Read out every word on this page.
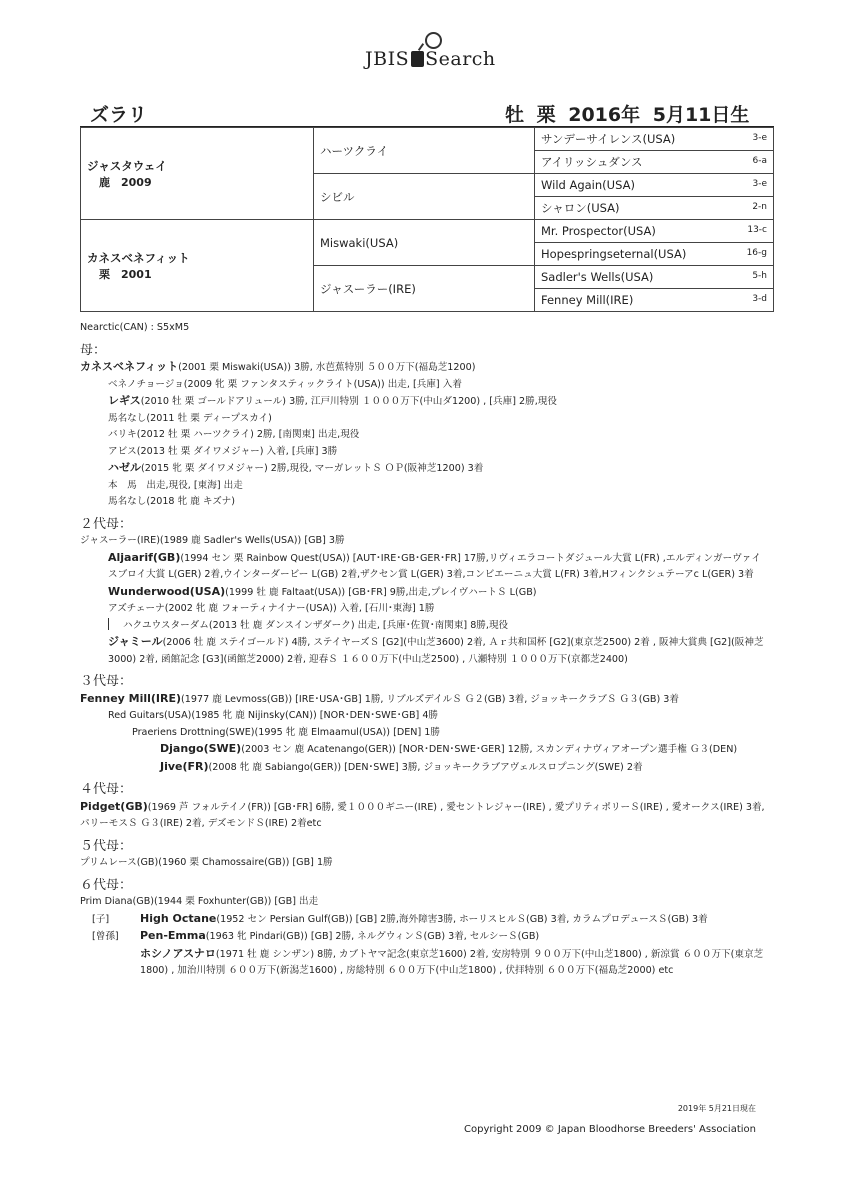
JBIS Search
ズラリ	牡 栗 2016年 5月11日生
ジャスタウェイ
鹿　2009	ハーツクライ	サンデーサイレンス(USA) 3-e

		アイリッシュダンス 6-a

	シビル	Wild Again(USA) 3-e

		シャロン(USA) 2-n

カネスベネフィット
栗　2001	Miswaki(USA)	Mr. Prospector(USA) 13-c

		Hopespringseternal(USA) 16-g

	ジャスーラー(IRE)	Sadler's Wells(USA) 5-h

		Fenney Mill(IRE) 3-d
Nearctic(CAN) : S5xM5
母：
カネスベネフィット(2001 栗 Miswaki(USA)) 3勝, 水芭蕉特別 ５００万下(福島芝1200)
ベネノチョージョ(2009 牝 栗 ファンタスティックライト(USA)) 出走, [兵庫] 入着
レギス(2010 牡 栗 ゴールドアリュール) 3勝, 江戸川特別 １０００万下(中山ダ1200) , [兵庫] 2勝,現役
馬名なし(2011 牡 栗 ディープスカイ)
バリキ(2012 牡 栗 ハーツクライ) 2勝, [南関東] 出走,現役
アビス(2013 牡 栗 ダイワメジャー) 入着, [兵庫] 3勝
ハゼル(2015 牝 栗 ダイワメジャー) 2勝,現役, マーガレットＳ ＯＰ(阪神芝1200) 3着
本　馬　出走,現役, [東海] 出走
馬名なし(2018 牝 鹿 キズナ)
２代母：
ジャスーラー(IRE)(1989 鹿 Sadler's Wells(USA)) [GB] 3勝
Aljaarif(GB)(1994 セン 栗 Rainbow Quest(USA)) [AUT･IRE･GB･GER･FR] 17勝,リヴィエラコートダジュール大賞 L(FR) ,エルディンガーヴァイスブロイ大賞 L(GER) 2着,ウインターダービー L(GB) 2着,ザクセン賞 L(GER) 3着,コンビエーニュ大賞 L(FR) 3着,Hフィンクシュテーアc L(GER) 3着
Wunderwood(USA)(1999 牡 鹿 Faltaat(USA)) [GB･FR] 9勝,出走,プレイヴハートＳ L(GB)
アズチェーナ(2002 牝 鹿 フォーティナイナー(USA)) 入着, [石川･東海] 1勝
ハクユウスターダム(2013 牡 鹿 ダンスインザダーク) 出走, [兵庫･佐賀･南関東] 8勝,現役
ジャミール(2006 牡 鹿 ステイゴールド) 4勝, ステイヤーズＳ [G2](中山芝3600) 2着, Ａｒ共和国杯 [G2](東京芝2500) 2着 , 阪神大賞典 [G2](阪神芝3000) 2着, 函館記念 [G3](函館芝2000) 2着, 迎春Ｓ １６００万下(中山芝2500) , 八瀬特別 １０００万下(京都芝2400)
３代母：
Fenney Mill(IRE)(1977 鹿 Levmoss(GB)) [IRE･USA･GB] 1勝, リブルズデイルＳ Ｇ２(GB) 3着, ジョッキークラブＳ Ｇ３(GB) 3着
Red Guitars(USA)(1985 牝 鹿 Nijinsky(CAN)) [NOR･DEN･SWE･GB] 4勝
Praeriens Drottning(SWE)(1995 牝 鹿 Elmaamul(USA)) [DEN] 1勝
Django(SWE)(2003 セン 鹿 Acatenango(GER)) [NOR･DEN･SWE･GER] 12勝, スカンディナヴィアオープン選手権 Ｇ３(DEN)
Jive(FR)(2008 牝 鹿 Sabiango(GER)) [DEN･SWE] 3勝, ジョッキークラブアヴェルスロプニング(SWE) 2着
４代母：
Pidget(GB)(1969 芦 フォルテイノ(FR)) [GB･FR] 6勝, 愛１０００ギニー(IRE) , 愛セントレジャー(IRE) , 愛プリティポリーＳ(IRE) , 愛オークス(IRE) 3着, パリーモスＳ Ｇ３(IRE) 2着, デズモンドＳ(IRE) 2着etc
５代母：
プリムレース(GB)(1960 栗 Chamossaire(GB)) [GB] 1勝
６代母：
Prim Diana(GB)(1944 栗 Foxhunter(GB)) [GB] 出走
[子]	High Octane(1952 セン Persian Gulf(GB)) [GB] 2勝,海外障害3勝, ホーリスヒルＳ(GB) 3着, カラムプロデュースＳ(GB) 3着
[曾孫] Pen-Emma(1963 牝 Pindari(GB)) [GB] 2勝, ネルグウィンＳ(GB) 3着, セルシーＳ(GB)
ホシノアスナロ(1971 牡 鹿 シンザン) 8勝, カブトヤマ記念(東京芝1600) 2着, 安房特別 ９００万下(中山芝1800) , 新涼賞 ６００万下(東京芝1800) , 加治川特別 ６００万下(新潟芝1600) , 房総特別 ６００万下(中山芝1800) , 伏拝特別 ６００万下(福島芝2000) etc
2019年 5月21日現在
Copyright 2009 © Japan Bloodhorse Breeders' Association
